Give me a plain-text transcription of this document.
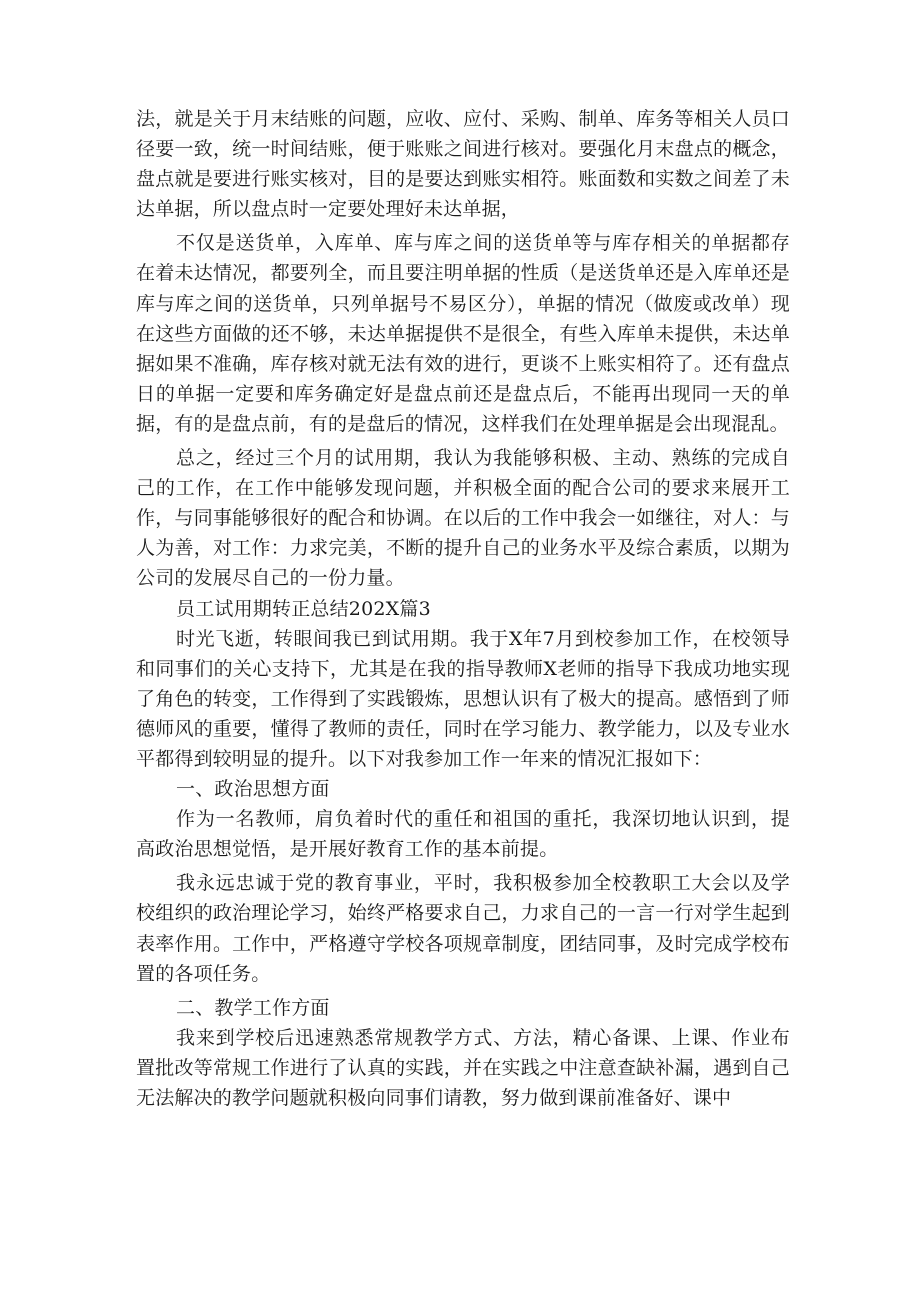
法，就是关于月末结账的问题，应收、应付、采购、制单、库务等相关人员口径要一致，统一时间结账，便于账账之间进行核对。要强化月末盘点的概念，盘点就是要进行账实核对，目的是要达到账实相符。账面数和实数之间差了未达单据，所以盘点时一定要处理好未达单据，

不仅是送货单，入库单、库与库之间的送货单等与库存相关的单据都存在着未达情况，都要列全，而且要注明单据的性质（是送货单还是入库单还是库与库之间的送货单，只列单据号不易区分），单据的情况（做废或改单）现在这些方面做的还不够，未达单据提供不是很全，有些入库单未提供，未达单据如果不准确，库存核对就无法有效的进行，更谈不上账实相符了。还有盘点日的单据一定要和库务确定好是盘点前还是盘点后，不能再出现同一天的单据，有的是盘点前，有的是盘后的情况，这样我们在处理单据是会出现混乱。

总之，经过三个月的试用期，我认为我能够积极、主动、熟练的完成自己的工作，在工作中能够发现问题，并积极全面的配合公司的要求来展开工作，与同事能够很好的配合和协调。在以后的工作中我会一如继往，对人：与人为善，对工作：力求完美，不断的提升自己的业务水平及综合素质，以期为公司的发展尽自己的一份力量。

员工试用期转正总结202X篇3

时光飞逝，转眼间我已到试用期。我于X年7月到校参加工作，在校领导和同事们的关心支持下，尤其是在我的指导教师X老师的指导下我成功地实现了角色的转变，工作得到了实践锻炼，思想认识有了极大的提高。感悟到了师德师风的重要，懂得了教师的责任，同时在学习能力、教学能力，以及专业水平都得到较明显的提升。以下对我参加工作一年来的情况汇报如下：

一、政治思想方面

作为一名教师，肩负着时代的重任和祖国的重托，我深切地认识到，提高政治思想觉悟，是开展好教育工作的基本前提。

我永远忠诚于党的教育事业，平时，我积极参加全校教职工大会以及学校组织的政治理论学习，始终严格要求自己，力求自己的一言一行对学生起到表率作用。工作中，严格遵守学校各项规章制度，团结同事，及时完成学校布置的各项任务。

二、教学工作方面

我来到学校后迅速熟悉常规教学方式、方法，精心备课、上课、作业布置批改等常规工作进行了认真的实践，并在实践之中注意查缺补漏，遇到自己无法解决的教学问题就积极向同事们请教，努力做到课前准备好、课中
